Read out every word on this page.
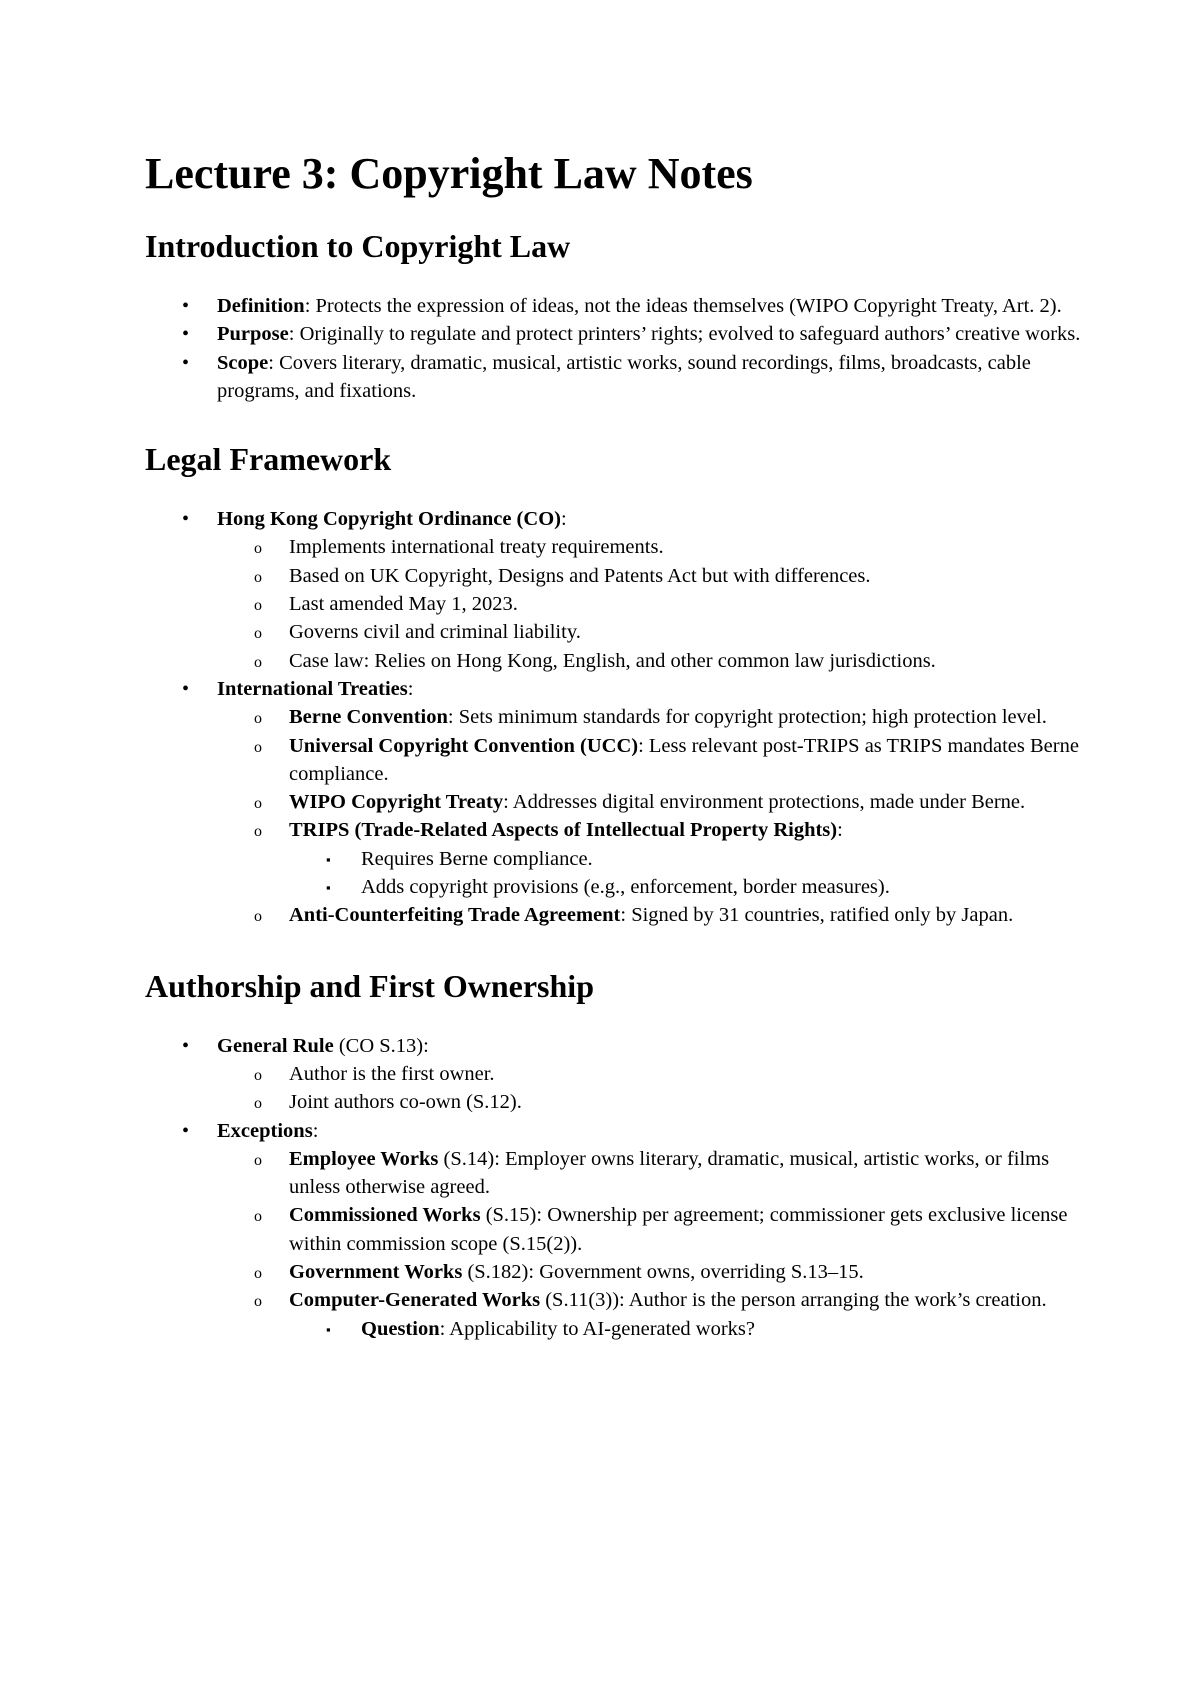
Lecture 3: Copyright Law Notes
Introduction to Copyright Law
• Definition: Protects the expression of ideas, not the ideas themselves (WIPO Copyright Treaty, Art. 2).
• Purpose: Originally to regulate and protect printers’ rights; evolved to safeguard authors’ creative works.
• Scope: Covers literary, dramatic, musical, artistic works, sound recordings, films, broadcasts, cable programs, and fixations.
Legal Framework
• Hong Kong Copyright Ordinance (CO):
o Implements international treaty requirements.
o Based on UK Copyright, Designs and Patents Act but with differences.
o Last amended May 1, 2023.
o Governs civil and criminal liability.
o Case law: Relies on Hong Kong, English, and other common law jurisdictions.
• International Treaties:
o Berne Convention: Sets minimum standards for copyright protection; high protection level.
o Universal Copyright Convention (UCC): Less relevant post-TRIPS as TRIPS mandates Berne compliance.
o WIPO Copyright Treaty: Addresses digital environment protections, made under Berne.
o TRIPS (Trade-Related Aspects of Intellectual Property Rights):
▪ Requires Berne compliance.
▪ Adds copyright provisions (e.g., enforcement, border measures).
o Anti-Counterfeiting Trade Agreement: Signed by 31 countries, ratified only by Japan.
Authorship and First Ownership
• General Rule (CO S.13):
o Author is the first owner.
o Joint authors co-own (S.12).
• Exceptions:
o Employee Works (S.14): Employer owns literary, dramatic, musical, artistic works, or films unless otherwise agreed.
o Commissioned Works (S.15): Ownership per agreement; commissioner gets exclusive license within commission scope (S.15(2)).
o Government Works (S.182): Government owns, overriding S.13–15.
o Computer-Generated Works (S.11(3)): Author is the person arranging the work’s creation.
▪ Question: Applicability to AI-generated works?
